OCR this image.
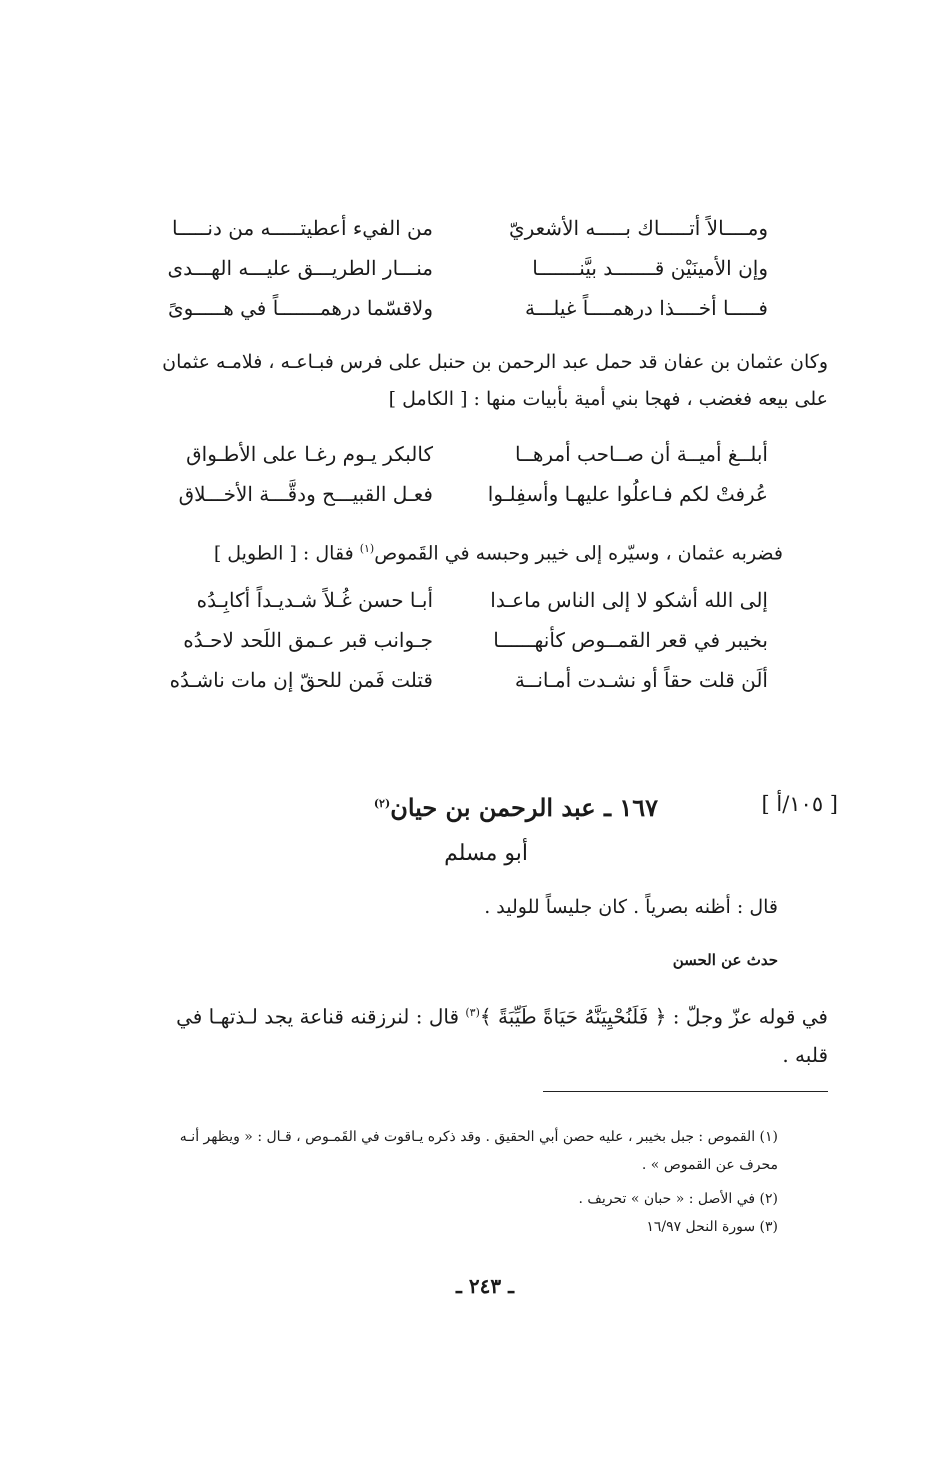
ومــــالاً أتـــــاك بـــــه الأشعريّ
من الفيء أعطيتـــــه من دنـــــا
وإن الأمينَيْن قـــــــد بيَّنـــــــا
منـــار الطريـــق عليـــه الهـــدى
فـــــا أخــــذا درهمــــاً غيلـــة
ولاقسّما درهمـــــــاً في هـــــوىً
وكان عثمان بن عفان قد حمل عبد الرحمن بن حنبل على فرس فبـاعـه ، فلامـه عثمان
على بيعه فغضب ، فهجا بني أمية بأبيات منها : [ الكامل ]
أبلــغ أميــة أن صــاحب أمرهــا
كالبكر يـوم رغـا على الأطـواق
عُرفتْ لكم فـاعلُوا عليهـا وأسفِلـوا
فعـل القبيـــح ودقَّـــة الأخـــلاق
فضربه عثمان ، وسيّره إلى خيبر وحبسه في القَموص$^{(١)}$ فقال : [ الطويل ]
إلى الله أشكو لا إلى الناس ماعـدا
أبـا حسن غُـلاً شـديـداً أكابِـدُه
بخيبر في قعر القمــوص كأنهــــــا
جـوانب قبر عـمق اللَحد لاحـدُه
ألَن قلت حقاً أو نشـدت أمـانــة
قتلت فَمن للحقّ إن مات ناشـدُه
[ ١٠٥/أ ]
١٦٧ ـ عبد الرحمن بن حيان$^{(٢)}$
أبو مسلم
قال : أظنه بصرياً . كان جليساً للوليد .
حدث عن الحسن
في قوله عزّ وجلّ : ﴿ فَلَنُحْيِيَنَّهُ حَيَاةً طَيِّبَةً ﴾$^{(٣)}$ قال : لنرزقنه قناعة يجد لـذتهـا في
قلبه .
(١) القموص : جبل بخيبر ، عليه حصن أبي الحقيق . وقد ذكره يـاقوت في القَمـوص ، قـال : « ويظهر أنـه
محرف عن القموص » .
(٢) في الأصل : « حبان » تحريف .
(٣) سورة النحل ١٦/٩٧
ـ ٢٤٣ ـ
